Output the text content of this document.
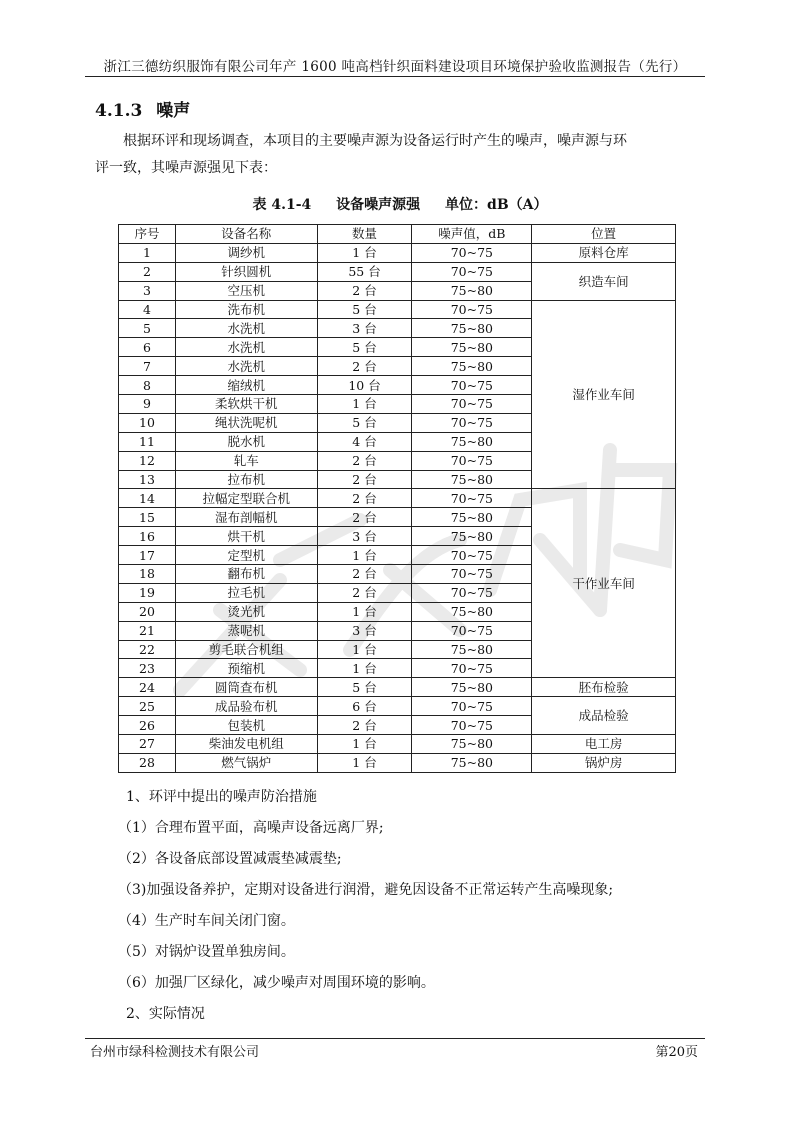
浙江三德纺织服饰有限公司年产 1600 吨高档针织面料建设项目环境保护验收监测报告（先行）
4.1.3 噪声
根据环评和现场调查，本项目的主要噪声源为设备运行时产生的噪声，噪声源与环
评一致，其噪声源强见下表：
表 4.1-4 设备噪声源强 单位：dB（A）
序号	设备名称	数量	噪声值，dB	位置
1	调纱机	1 台	70~75	原料仓库
2	针织圆机	55 台	70~75	织造车间
3	空压机	2 台	75~80	
4	洗布机	5 台	70~75	湿作业车间
5	水洗机	3 台	75~80	
6	水洗机	5 台	75~80	
7	水洗机	2 台	75~80	
8	缩绒机	10 台	70~75	
9	柔软烘干机	1 台	70~75	
10	绳状洗呢机	5 台	70~75	
11	脱水机	4 台	75~80	
12	轧车	2 台	70~75	
13	拉布机	2 台	75~80	
14	拉幅定型联合机	2 台	70~75	干作业车间
15	湿布剖幅机	2 台	75~80	
16	烘干机	3 台	75~80	
17	定型机	1 台	70~75	
18	翻布机	2 台	70~75	
19	拉毛机	2 台	70~75	
20	烫光机	1 台	75~80	
21	蒸呢机	3 台	70~75	
22	剪毛联合机组	1 台	75~80	
23	预缩机	1 台	70~75	
24	圆筒查布机	5 台	75~80	胚布检验
25	成品验布机	6 台	70~75	成品检验
26	包装机	2 台	70~75	
27	柴油发电机组	1 台	75~80	电工房
28	燃气锅炉	1 台	75~80	锅炉房
1、环评中提出的噪声防治措施
（1）合理布置平面，高噪声设备远离厂界;
（2）各设备底部设置减震垫减震垫;
（3)加强设备养护，定期对设备进行润滑，避免因设备不正常运转产生高噪现象;
（4）生产时车间关闭门窗。
（5）对锅炉设置单独房间。
（6）加强厂区绿化，减少噪声对周围环境的影响。
2、实际情况
台州市绿科检测技术有限公司	第20页
